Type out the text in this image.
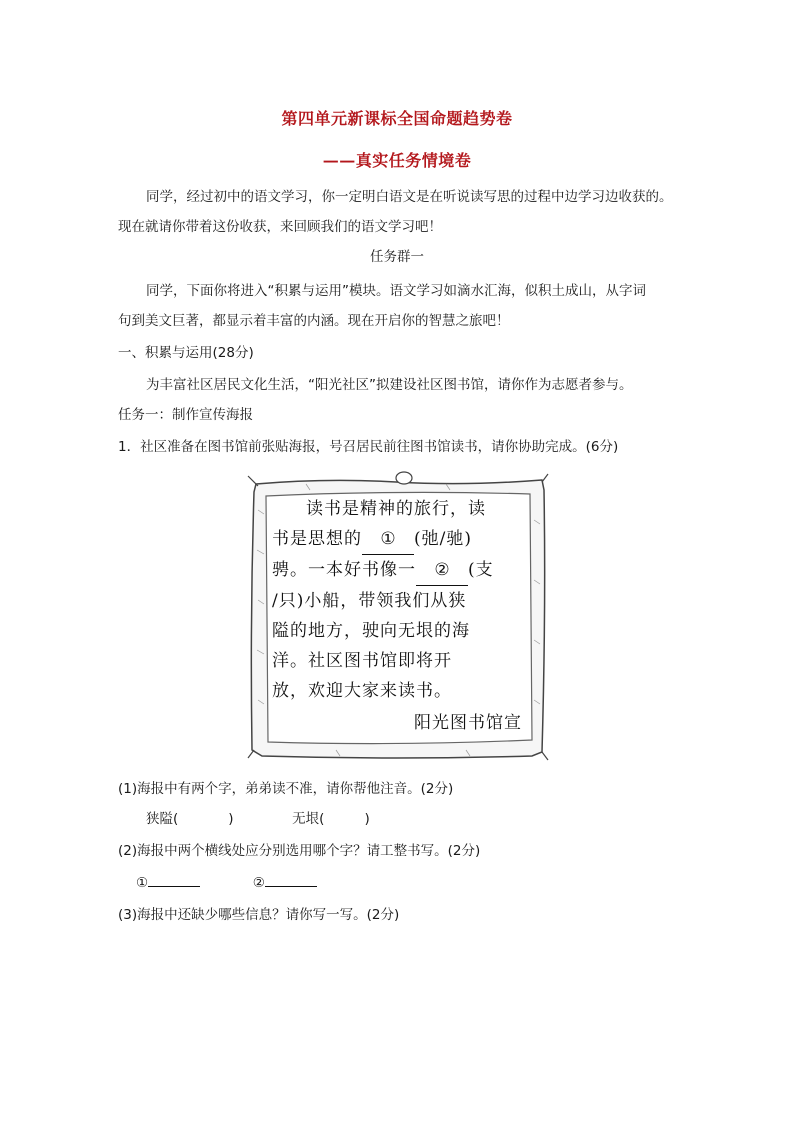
第四单元新课标全国命题趋势卷
——真实任务情境卷
同学，经过初中的语文学习，你一定明白语文是在听说读写思的过程中边学习边收获的。
现在就请你带着这份收获，来回顾我们的语文学习吧！
任务群一
同学，下面你将进入“积累与运用”模块。语文学习如滴水汇海，似积土成山，从字词
句到美文巨著，都显示着丰富的内涵。现在开启你的智慧之旅吧！
一、积累与运用(28分)
为丰富社区居民文化生活，“阳光社区”拟建设社区图书馆，请你作为志愿者参与。
任务一：制作宣传海报
1．社区准备在图书馆前张贴海报，号召居民前往图书馆读书，请你协助完成。(6分)
读书是精神的旅行，读
书是思想的 ① (弛/驰)
骋。一本好书像一 ② (支
/只)小船，带领我们从狭
隘的地方，驶向无垠的海
洋。社区图书馆即将开
放，欢迎大家来读书。
阳光图书馆宣
(1)海报中有两个字，弟弟读不准，请你帮他注音。(2分)
狭隘(	)	无垠(	)
(2)海报中两个横线处应分别选用哪个字？请工整书写。(2分)
①	②
(3)海报中还缺少哪些信息？请你写一写。(2分)
